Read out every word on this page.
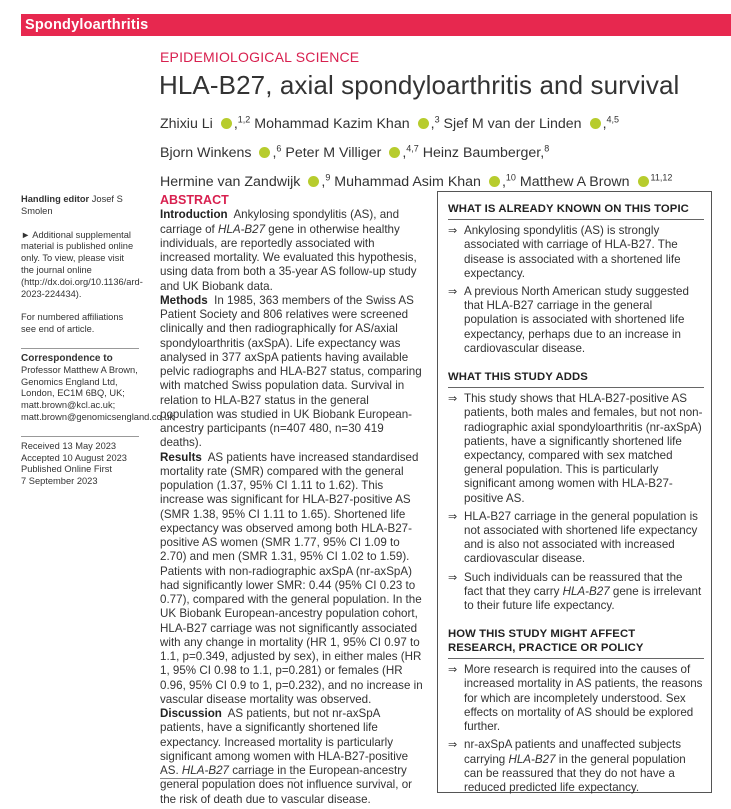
Spondyloarthritis
EPIDEMIOLOGICAL SCIENCE
HLA-B27, axial spondyloarthritis and survival
Zhixiu Li ,$^{1,2}$ Mohammad Kazim Khan ,$^3$ Sjef M van der Linden ,$^{4,5}$
Bjorn Winkens ,$^6$ Peter M Villiger ,$^{4,7}$ Heinz Baumberger,$^8$
Hermine van Zandwijk ,$^9$ Muhammad Asim Khan ,$^{10}$ Matthew A Brown $^{11,12}$

Handling editor Josef S Smolen

► Additional supplemental material is published online only. To view, please visit the journal online (http://dx.doi.org/10.1136/ard-2023-224434).

For numbered affiliations see end of article.

Correspondence to
Professor Matthew A Brown, Genomics England Ltd, London, EC1M 6BQ, UK; matt.brown@kcl.ac.uk; matt.brown@genomicsengland.co.uk

Received 13 May 2023
Accepted 10 August 2023
Published Online First
7 September 2023

ABSTRACT

Introduction Ankylosing spondylitis (AS), and carriage of HLA-B27 gene in otherwise healthy individuals, are reportedly associated with increased mortality. We evaluated this hypothesis, using data from both a 35-year AS follow-up study and UK Biobank data.

Methods In 1985, 363 members of the Swiss AS Patient Society and 806 relatives were screened clinically and then radiographically for AS/axial spondyloarthritis (axSpA). Life expectancy was analysed in 377 axSpA patients having available pelvic radiographs and HLA-B27 status, comparing with matched Swiss population data. Survival in relation to HLA-B27 status in the general population was studied in UK Biobank European-ancestry participants (n=407 480, n=30 419 deaths).

Results AS patients have increased standardised mortality rate (SMR) compared with the general population (1.37, 95% CI 1.11 to 1.62). This increase was significant for HLA-B27-positive AS (SMR 1.38, 95% CI 1.11 to 1.65). Shortened life expectancy was observed among both HLA-B27-positive AS women (SMR 1.77, 95% CI 1.09 to 2.70) and men (SMR 1.31, 95% CI 1.02 to 1.59). Patients with non-radiographic axSpA (nr-axSpA) had significantly lower SMR: 0.44 (95% CI 0.23 to 0.77), compared with the general population. In the UK Biobank European-ancestry population cohort, HLA-B27 carriage was not significantly associated with any change in mortality (HR 1, 95% CI 0.97 to 1.1, p=0.349, adjusted by sex), in either males (HR 1, 95% CI 0.98 to 1.1, p=0.281) or females (HR 0.96, 95% CI 0.9 to 1, p=0.232), and no increase in vascular disease mortality was observed.

Discussion AS patients, but not nr-axSpA patients, have a significantly shortened life expectancy. Increased mortality is particularly significant among women with HLA-B27-positive AS. HLA-B27 carriage in the European-ancestry general population does not influence survival, or the risk of death due to vascular disease.

WHAT IS ALREADY KNOWN ON THIS TOPIC
⇒ Ankylosing spondylitis (AS) is strongly associated with carriage of HLA-B27. The disease is associated with a shortened life expectancy.
⇒ A previous North American study suggested that HLA-B27 carriage in the general population is associated with shortened life expectancy, perhaps due to an increase in cardiovascular disease.
WHAT THIS STUDY ADDS
⇒ This study shows that HLA-B27-positive AS patients, both males and females, but not non-radiographic axial spondyloarthritis (nr-axSpA) patients, have a significantly shortened life expectancy, compared with sex matched general population. This is particularly significant among women with HLA-B27-positive AS.
⇒ HLA-B27 carriage in the general population is not associated with shortened life expectancy and is also not associated with increased cardiovascular disease.
⇒ Such individuals can be reassured that the fact that they carry HLA-B27 gene is irrelevant to their future life expectancy.
HOW THIS STUDY MIGHT AFFECT RESEARCH, PRACTICE OR POLICY
⇒ More research is required into the causes of increased mortality in AS patients, the reasons for which are incompletely understood. Sex effects on mortality of AS should be explored further.
⇒ nr-axSpA patients and unaffected subjects carrying HLA-B27 in the general population can be reassured that they do not have a reduced predicted life expectancy.
